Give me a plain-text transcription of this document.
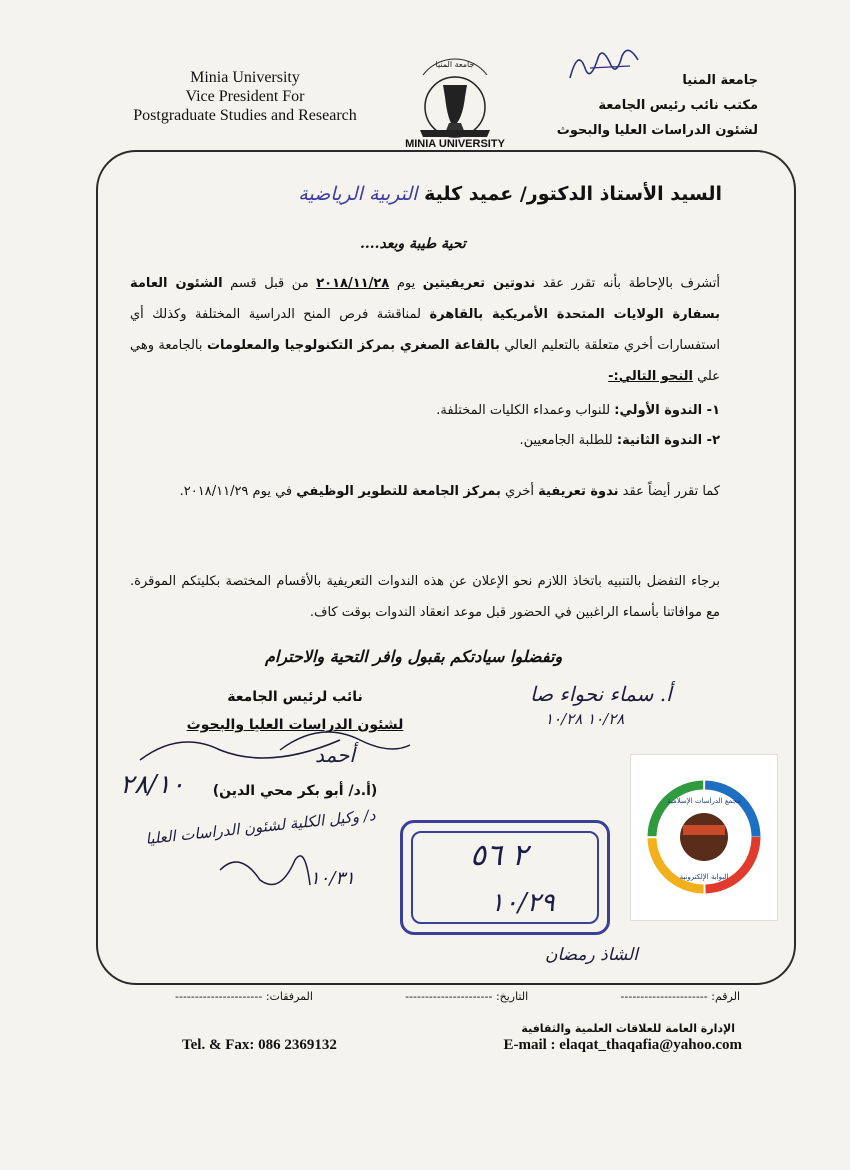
Minia University
Vice President For
Postgraduate Studies and Research
جامعة المنيا
MINIA UNIVERSITY
جامعة المنيا
مكتب نائب رئيس الجامعة
لشئون الدراسات العليا والبحوث
السيد الأستاذ الدكتور/ عميد كلية التربية الرياضية
تحية طيبة وبعد....

أتشرف بالإحاطة بأنه تقرر عقد ندوتين تعريفيتين يوم ٢٠١٨/١١/٢٨ من قبل قسم الشئون العامة بسفارة الولايات المتحدة الأمريكية بالقاهرة لمناقشة فرص المنح الدراسية المختلفة وكذلك أي استفسارات أخري متعلقة بالتعليم العالي بالقاعة الصغري بمركز التكنولوجيا والمعلومات بالجامعة وهي علي النحو التالي:-

١- الندوة الأولي: للنواب وعمداء الكليات المختلفة.
٢- الندوة الثانية: للطلبة الجامعيين.

كما تقرر أيضاً عقد ندوة تعريفية أخري بمركز الجامعة للتطوير الوظيفي في يوم ٢٠١٨/١١/٢٩.

برجاء التفضل بالتنبيه باتخاذ اللازم نحو الإعلان عن هذه الندوات التعريفية بالأقسام المختصة بكليتكم الموقرة. مع موافاتنا بأسماء الراغبين في الحضور قبل موعد انعقاد الندوات بوقت كاف.

وتفضلوا سيادتكم بقبول وافر التحية والاحترام
نائب لرئيس الجامعة
لشئون الدراسات العليا والبحوث
(أ.د/ أبو بكر محي الدين)
أ. سماء نحواء صا
١٠/٢٨ ١٠/٢٨
أحمد
٢٨/١٠
د/ وكيل الكلية لشئون الدراسات العليا
١٠/٣١
الشاذ رمضان
٢ ٥٦
١٠/٢٩
مجمع الدراسات الإسلامية
البوابة الإلكترونية
الرقم: ----------------------
التاريخ: ----------------------
المرفقات: ----------------------
الإدارة العامة للعلاقات العلمية والثقافية
Tel. & Fax: 086 2369132	E-mail : elaqat_thaqafia@yahoo.com
